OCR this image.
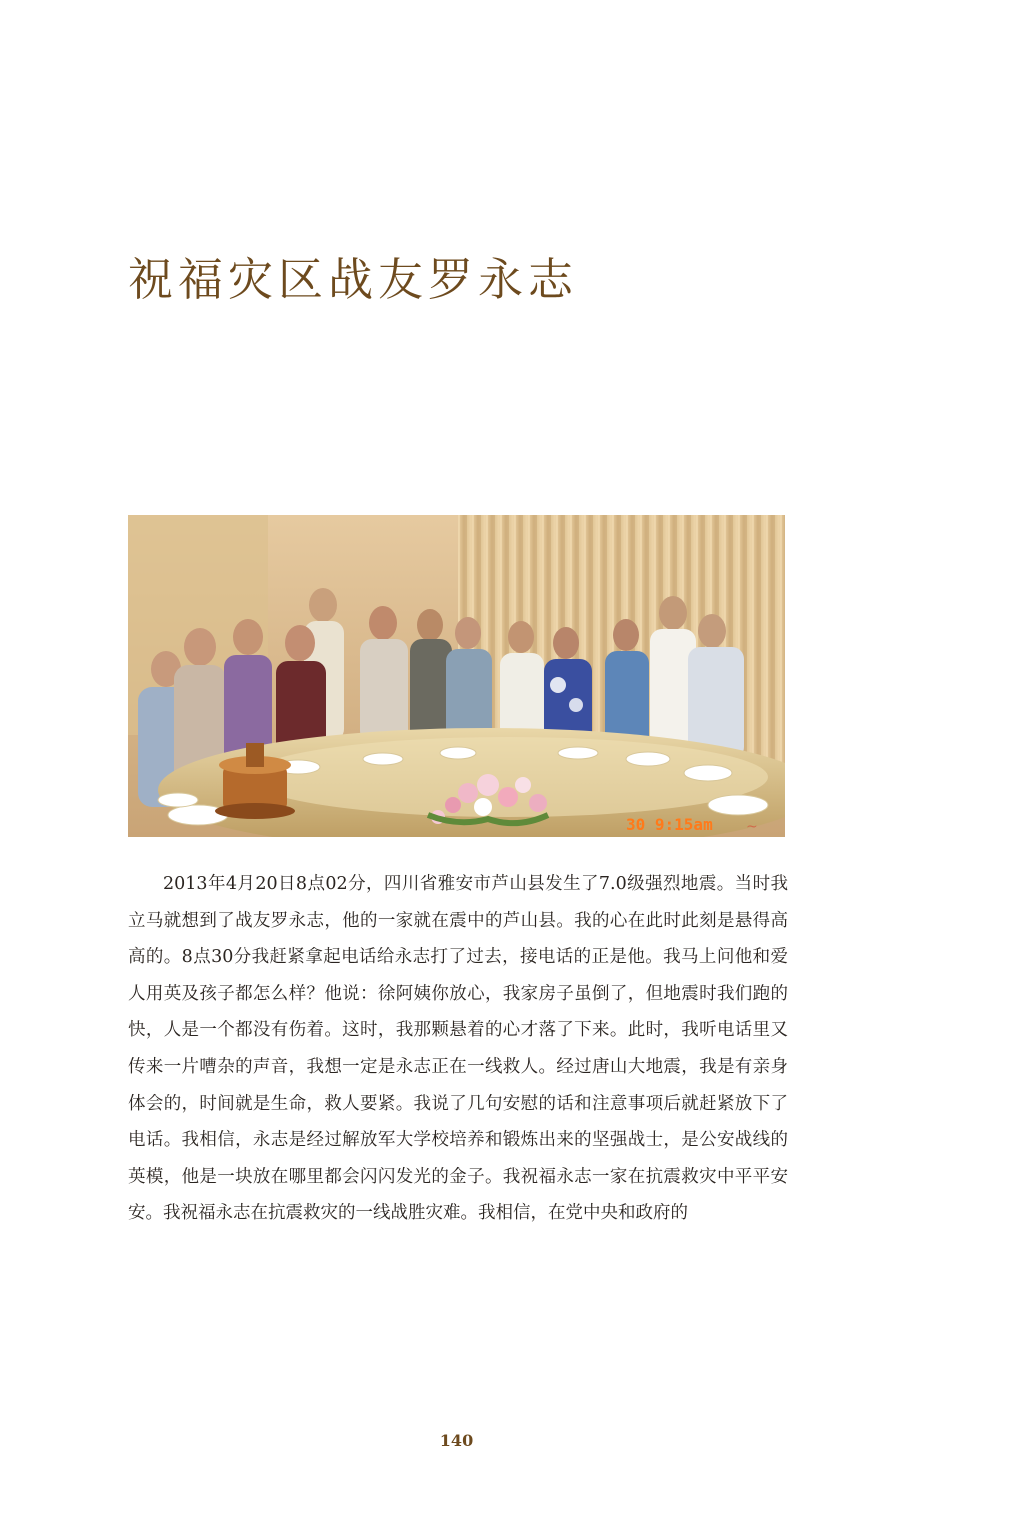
祝福灾区战友罗永志
30 9:15am ~

2013年4月20日8点02分，四川省雅安市芦山县发生了7.0级强烈地震。当时我立马就想到了战友罗永志，他的一家就在震中的芦山县。我的心在此时此刻是悬得高高的。8点30分我赶紧拿起电话给永志打了过去，接电话的正是他。我马上问他和爱人用英及孩子都怎么样？他说：徐阿姨你放心，我家房子虽倒了，但地震时我们跑的快，人是一个都没有伤着。这时，我那颗悬着的心才落了下来。此时，我听电话里又传来一片嘈杂的声音，我想一定是永志正在一线救人。经过唐山大地震，我是有亲身体会的，时间就是生命，救人要紧。我说了几句安慰的话和注意事项后就赶紧放下了电话。我相信，永志是经过解放军大学校培养和锻炼出来的坚强战士，是公安战线的英模，他是一块放在哪里都会闪闪发光的金子。我祝福永志一家在抗震救灾中平平安安。我祝福永志在抗震救灾的一线战胜灾难。我相信，在党中央和政府的

140
